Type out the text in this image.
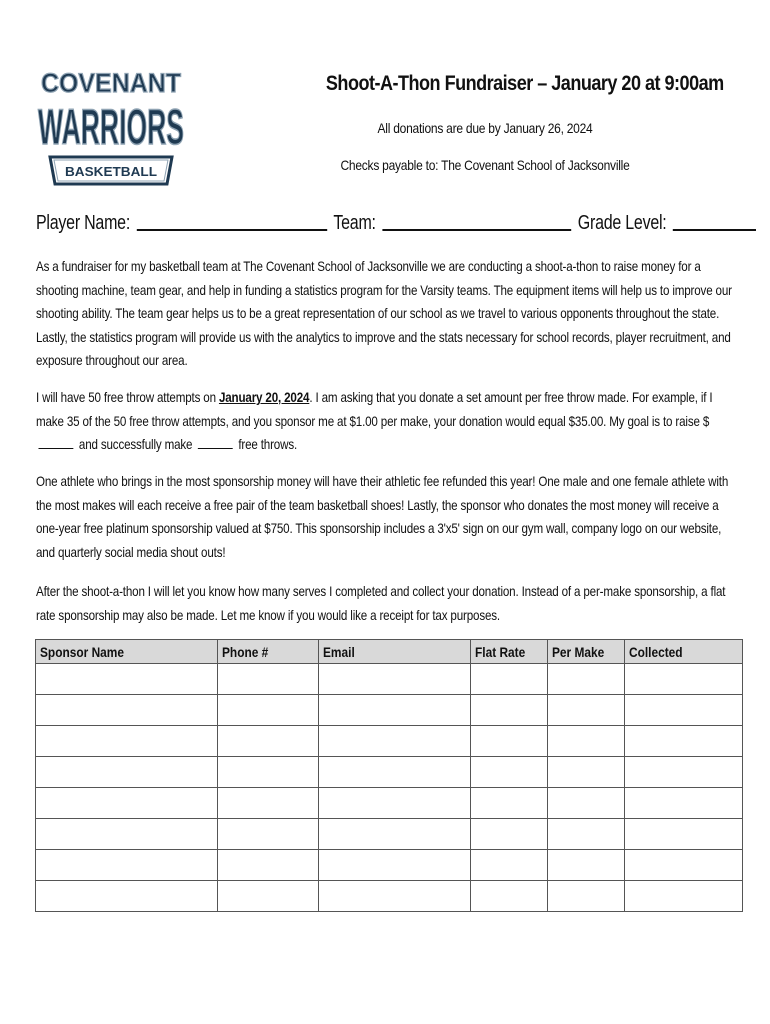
COVENANT
WARRIORS
BASKETBALL
Shoot-A-Thon Fundraiser – January 20 at 9:00am
All donations are due by January 26, 2024
Checks payable to: The Covenant School of Jacksonville
Player Name:	Team:	Grade Level:
As a fundraiser for my basketball team at The Covenant School of Jacksonville we are conducting a shoot-a-thon to raise money for a shooting machine, team gear, and help in funding a statistics program for the Varsity teams. The equipment items will help us to improve our shooting ability. The team gear helps us to be a great representation of our school as we travel to various opponents throughout the state. Lastly, the statistics program will provide us with the analytics to improve and the stats necessary for school records, player recruitment, and exposure throughout our area.
I will have 50 free throw attempts on January 20, 2024. I am asking that you donate a set amount per free throw made. For example, if I make 35 of the 50 free throw attempts, and you sponsor me at $1.00 per make, your donation would equal $35.00. My goal is to raise $ and successfully make	free throws.
One athlete who brings in the most sponsorship money will have their athletic fee refunded this year! One male and one female athlete with the most makes will each receive a free pair of the team basketball shoes! Lastly, the sponsor who donates the most money will receive a one-year free platinum sponsorship valued at $750. This sponsorship includes a 3'x5' sign on our gym wall, company logo on our website, and quarterly social media shout outs!
After the shoot-a-thon I will let you know how many serves I completed and collect your donation. Instead of a per-make sponsorship, a flat rate sponsorship may also be made. Let me know if you would like a receipt for tax purposes.
Sponsor Name	Phone #	Email	Flat Rate	Per Make	Collected
